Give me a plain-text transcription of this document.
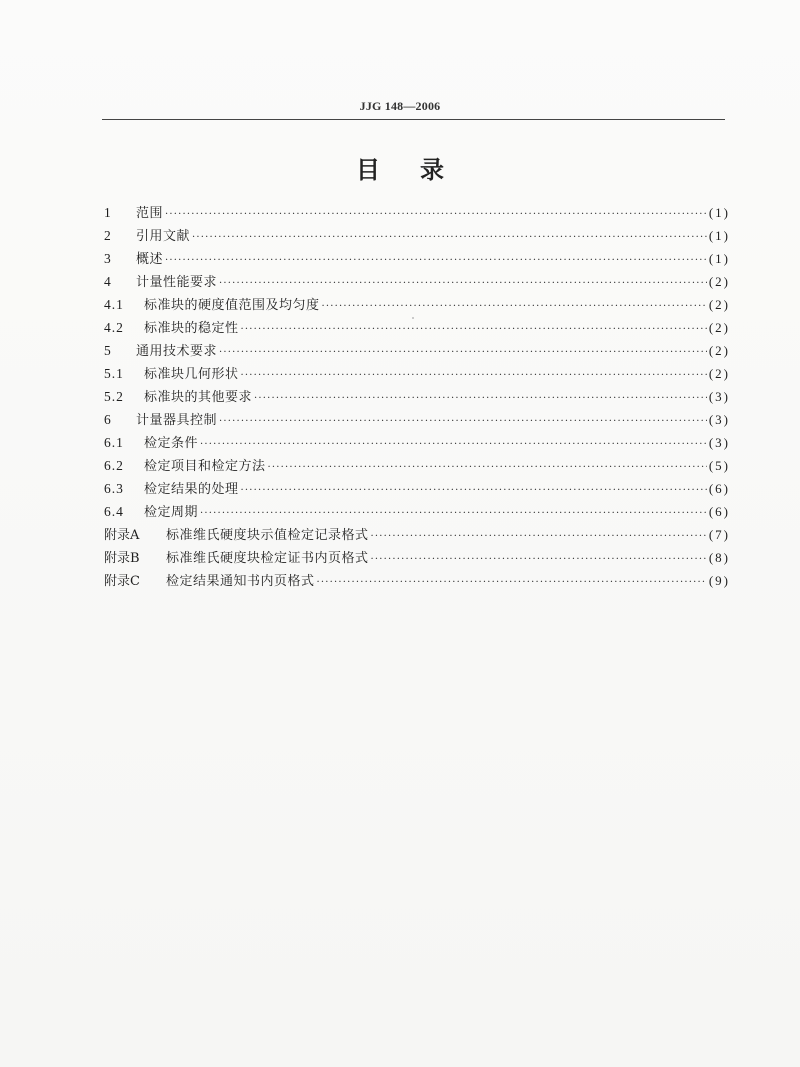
JJG 148—2006
目 录
1	范围 ·····	(1)
2	引用文献 ·····	(1)
3	概述 ·····	(1)
4	计量性能要求 ·····	(2)
4.1	标准块的硬度值范围及均匀度 ·····	(2)
4.2	标准块的稳定性 ·····	(2)
5	通用技术要求 ·····	(2)
5.1	标准块几何形状 ·····	(2)
5.2	标准块的其他要求 ·····	(3)
6	计量器具控制 ·····	(3)
6.1	检定条件 ·····	(3)
6.2	检定项目和检定方法 ·····	(5)
6.3	检定结果的处理 ·····	(6)
6.4	检定周期 ·····	(6)
附录A	标准维氏硬度块示值检定记录格式 ·····	(7)
附录B	标准维氏硬度块检定证书内页格式 ·····	(8)
附录C	检定结果通知书内页格式 ·····	(9)
